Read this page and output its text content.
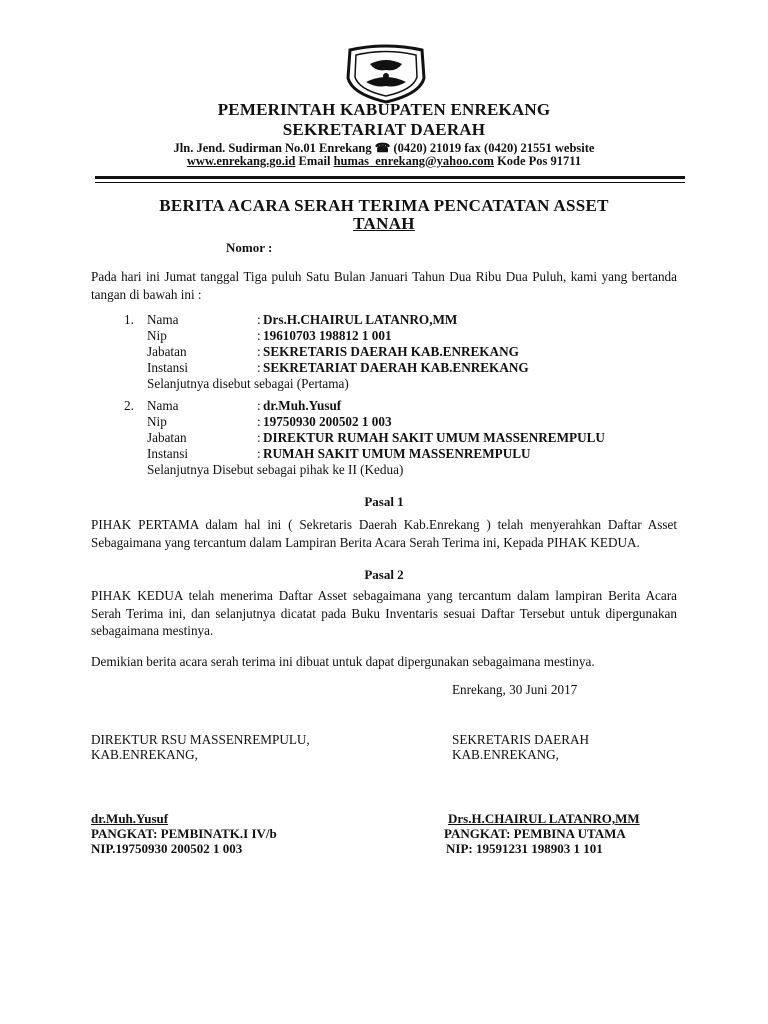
PEMERINTAH KABUPATEN ENREKANG
SEKRETARIAT DAERAH
Jln. Jend. Sudirman No.01 Enrekang ☎ (0420) 21019 fax (0420) 21551 website
www.enrekang.go.id Email humas_enrekang@yahoo.com Kode Pos 91711
BERITA ACARA SERAH TERIMA PENCATATAN ASSET
TANAH
Nomor :
Pada hari ini Jumat tanggal Tiga puluh Satu Bulan Januari Tahun Dua Ribu Dua Puluh, kami yang bertanda tangan di bawah ini :
1. Nama	: Drs.H.CHAIRUL LATANRO,MM
Nip	: 19610703 198812 1 001
Jabatan	: SEKRETARIS DAERAH KAB.ENREKANG
Instansi	: SEKRETARIAT DAERAH KAB.ENREKANG
Selanjutnya disebut sebagai (Pertama)
2. Nama	: dr.Muh.Yusuf
Nip	: 19750930 200502 1 003
Jabatan	: DIREKTUR RUMAH SAKIT UMUM MASSENREMPULU
Instansi	: RUMAH SAKIT UMUM MASSENREMPULU
Selanjutnya Disebut sebagai pihak ke II (Kedua)
Pasal 1
PIHAK PERTAMA dalam hal ini ( Sekretaris Daerah Kab.Enrekang ) telah menyerahkan Daftar Asset Sebagaimana yang tercantum dalam Lampiran Berita Acara Serah Terima ini, Kepada PIHAK KEDUA.
Pasal 2
PIHAK KEDUA telah menerima Daftar Asset sebagaimana yang tercantum dalam lampiran Berita Acara Serah Terima ini, dan selanjutnya dicatat pada Buku Inventaris sesuai Daftar Tersebut untuk dipergunakan sebagaimana mestinya.
Demikian berita acara serah terima ini dibuat untuk dapat dipergunakan sebagaimana mestinya.
Enrekang, 30 Juni 2017
DIREKTUR RSU MASSENREMPULU,
KAB.ENREKANG,
SEKRETARIS DAERAH
KAB.ENREKANG,
dr.Muh.Yusuf
PANGKAT: PEMBINATK.I IV/b
NIP.19750930 200502 1 003
Drs.H.CHAIRUL LATANRO,MM
PANGKAT: PEMBINA UTAMA
NIP: 19591231 198903 1 101
